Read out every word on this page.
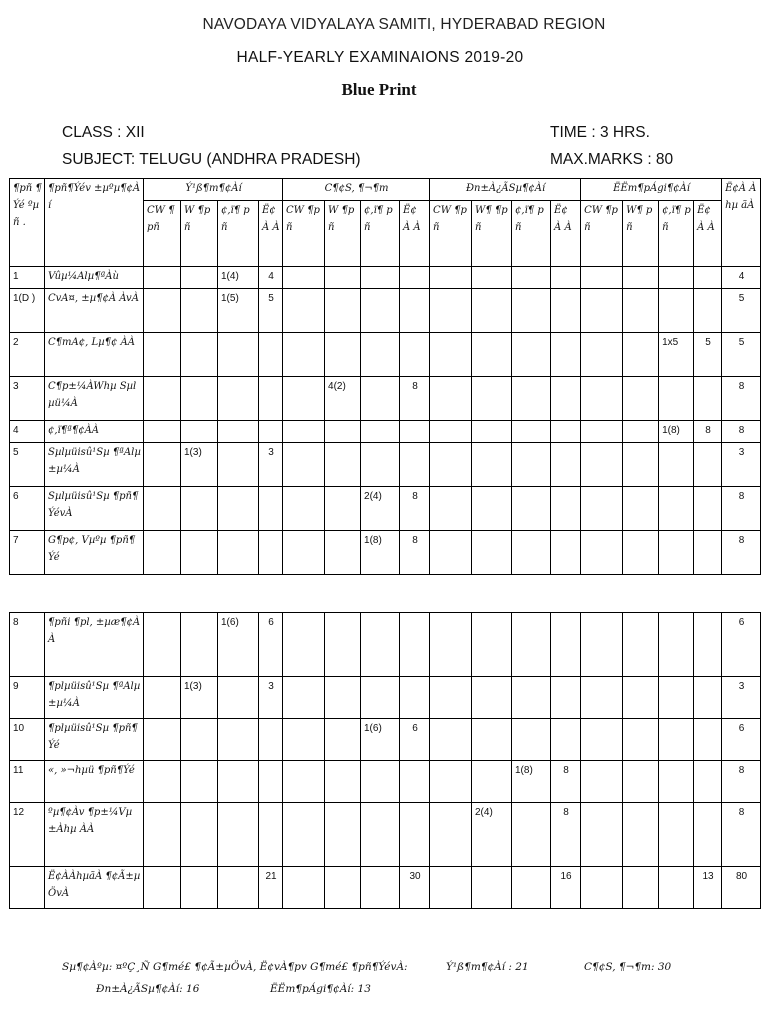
NAVODAYA VIDYALAYA SAMITI, HYDERABAD REGION
HALF-YEARLY EXAMINAIONS 2019-20
Blue Print
CLASS : XII	TIME : 3 HRS.
SUBJECT: TELUGU (ANDHRA PRADESH)	MAX.MARKS : 80
¶pñ ¶Ýé ºµñ .	¶pñ¶Ýév ±µºµ¶¢Àí	Ý¹ß¶m¶¢Àí				C¶¢S, ¶¬¶m				Ðn±À¿ÃSµ¶¢Àí				ËËm¶pÁgi¶¢Àí				Ë¢À Àhµ ãÀ
		CW ¶pñ	W ¶p ñ	¢,ï¶ pñ	Ë¢ À À	CW ¶pñ	W ¶p ñ	¢,ï¶ pñ	Ë¢ À À	CW ¶pñ	W¶ ¶p ñ	¢,ï¶ pñ	Ë¢ À À	CW ¶pñ	W¶ pñ	¢,ï¶ pñ	Ë¢ À À	
1	Vûµ¼Alµ¶ªÀù			1(4)	4													4
1(D )	CvA¤, ±µ¶¢À ÀvÀ			1(5)	5													5
2	C¶mA¢, Lµ¶¢ ÀÀ															1x5	5	5
3	C¶p±¼ÀWhµ Sµlµü¼À						4(2)		8									8
4	¢,ï¶ª¶¢ÀÀ															1(8)	8	8
5	Sµlµüisû¹Sµ ¶ªAlµ±µ¼À		1(3)		3													3
6	Sµlµüisû¹Sµ ¶pñ¶ÝévÀ							2(4)	8									8
7	G¶p¢, Vµºµ ¶pñ¶Ýé							1(8)	8									8
8	¶pñi ¶pl, ±µæ¶¢À À			1(6)	6													6
9	¶plµüisû¹Sµ ¶ªAlµ±µ¼À		1(3)		3													3
10	¶plµüisû¹Sµ ¶pñ¶Ýé							1(6)	6									6
11	«, »¬hµü ¶pñ¶Ýé											1(8)	8					8
12	ºµ¶¢Àv ¶p±¼Vµ±Àhµ ÀÀ										2(4)		8					8
	Ë¢ÀÀhµãÀ ¶¢Ã±µÖvÀ				21				30				16				13	80
Sµ¶¢Àºµ: ¤ºÇ¸Ñ G¶mé£ ¶¢Ã±µÖvÀ, Ë¢vÀ¶pv G¶mé£ ¶pñ¶ÝévÀ:	Ý¹ß¶m¶¢Àí : 21	C¶¢S, ¶¬¶m: 30
Ðn±À¿ÃSµ¶¢Àí: 16	ËËm¶pÁgi¶¢Àí: 13
